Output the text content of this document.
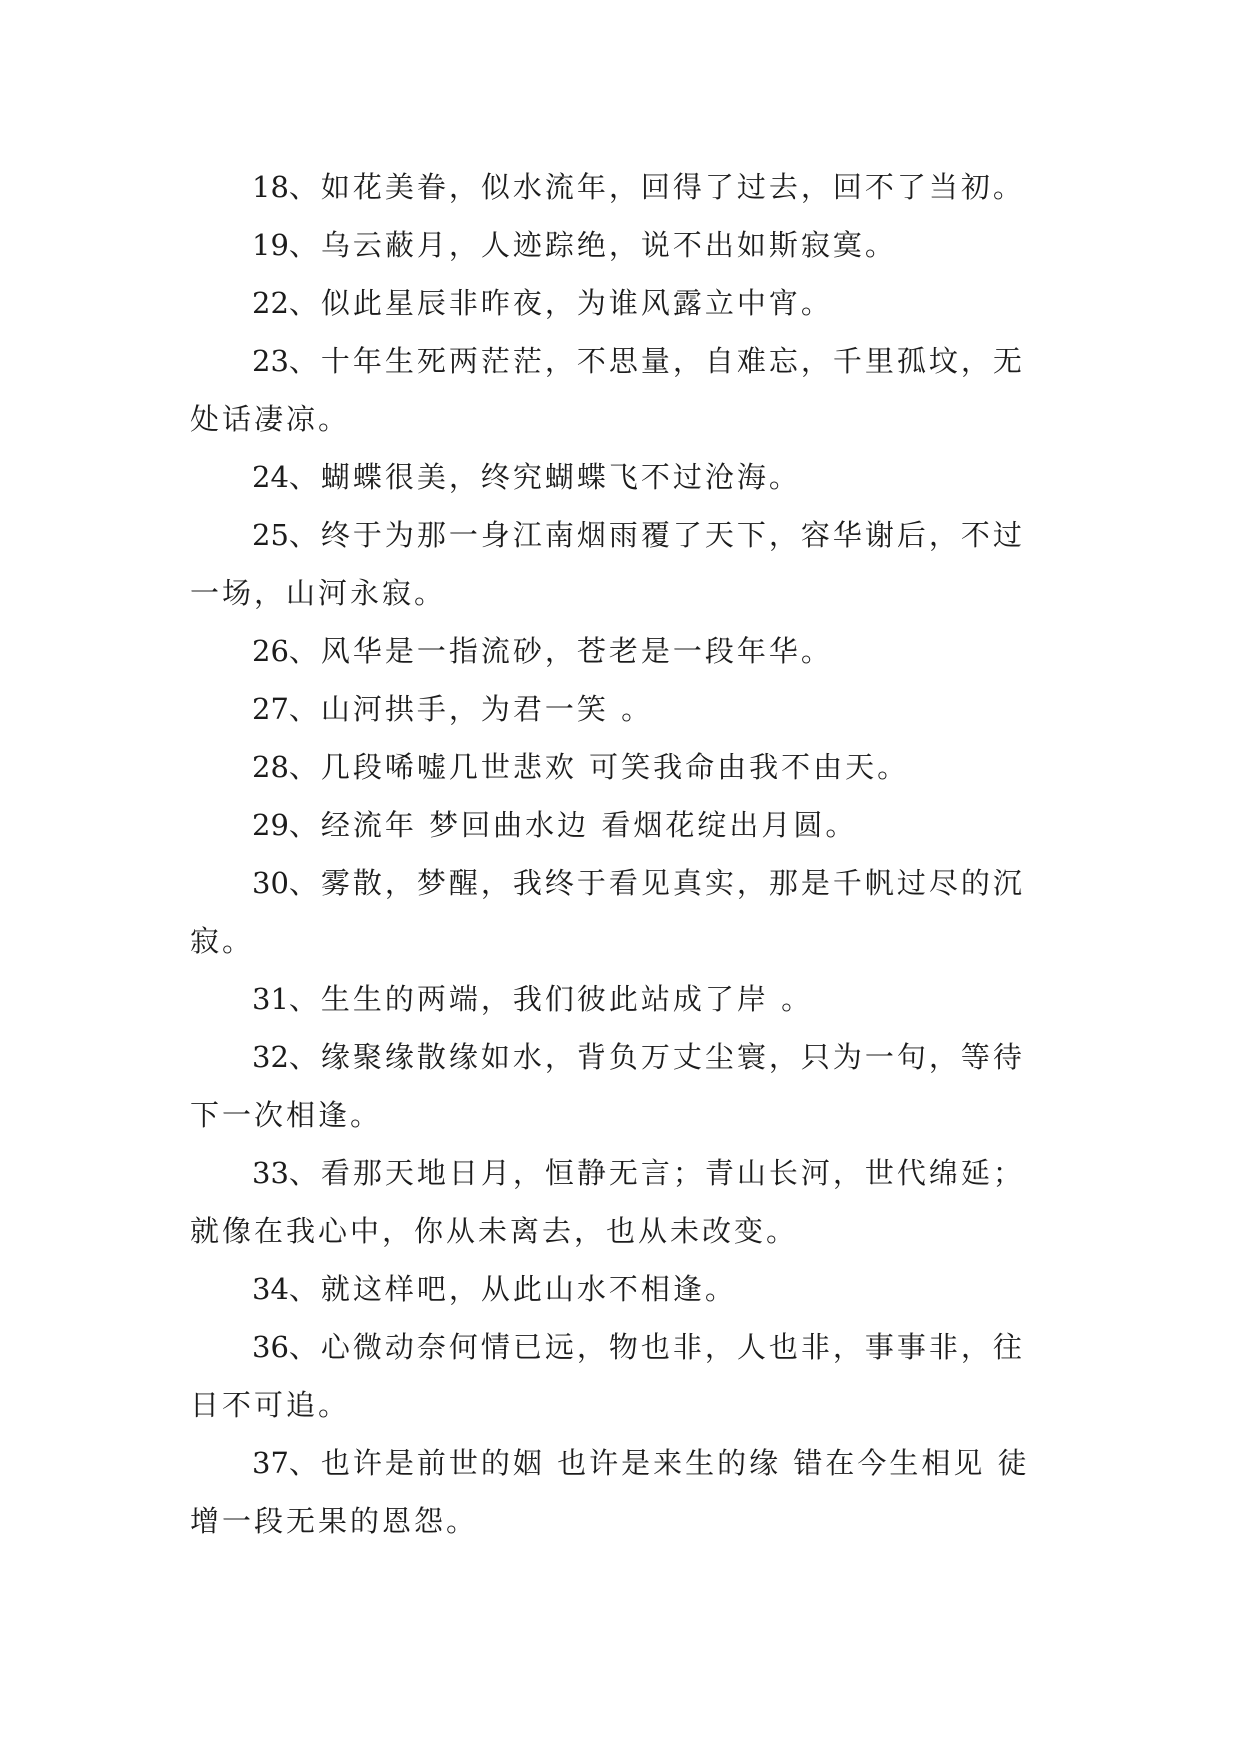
18、如花美眷，似水流年，回得了过去，回不了当初。

19、乌云蔽月，人迹踪绝，说不出如斯寂寞。

22、似此星辰非昨夜，为谁风露立中宵。

23、十年生死两茫茫，不思量，自难忘，千里孤坟，无处话凄凉。

24、蝴蝶很美，终究蝴蝶飞不过沧海。

25、终于为那一身江南烟雨覆了天下，容华谢后，不过一场，山河永寂。

26、风华是一指流砂，苍老是一段年华。

27、山河拱手，为君一笑 。

28、几段唏嘘几世悲欢 可笑我命由我不由天。

29、经流年 梦回曲水边 看烟花绽出月圆。

30、雾散，梦醒，我终于看见真实，那是千帆过尽的沉寂。

31、生生的两端，我们彼此站成了岸 。

32、缘聚缘散缘如水，背负万丈尘寰，只为一句，等待下一次相逢。

33、看那天地日月，恒静无言；青山长河，世代绵延；就像在我心中，你从未离去，也从未改变。

34、就这样吧，从此山水不相逢。

36、心微动奈何情已远，物也非，人也非，事事非，往日不可追。

37、也许是前世的姻 也许是来生的缘 错在今生相见 徒增一段无果的恩怨。
